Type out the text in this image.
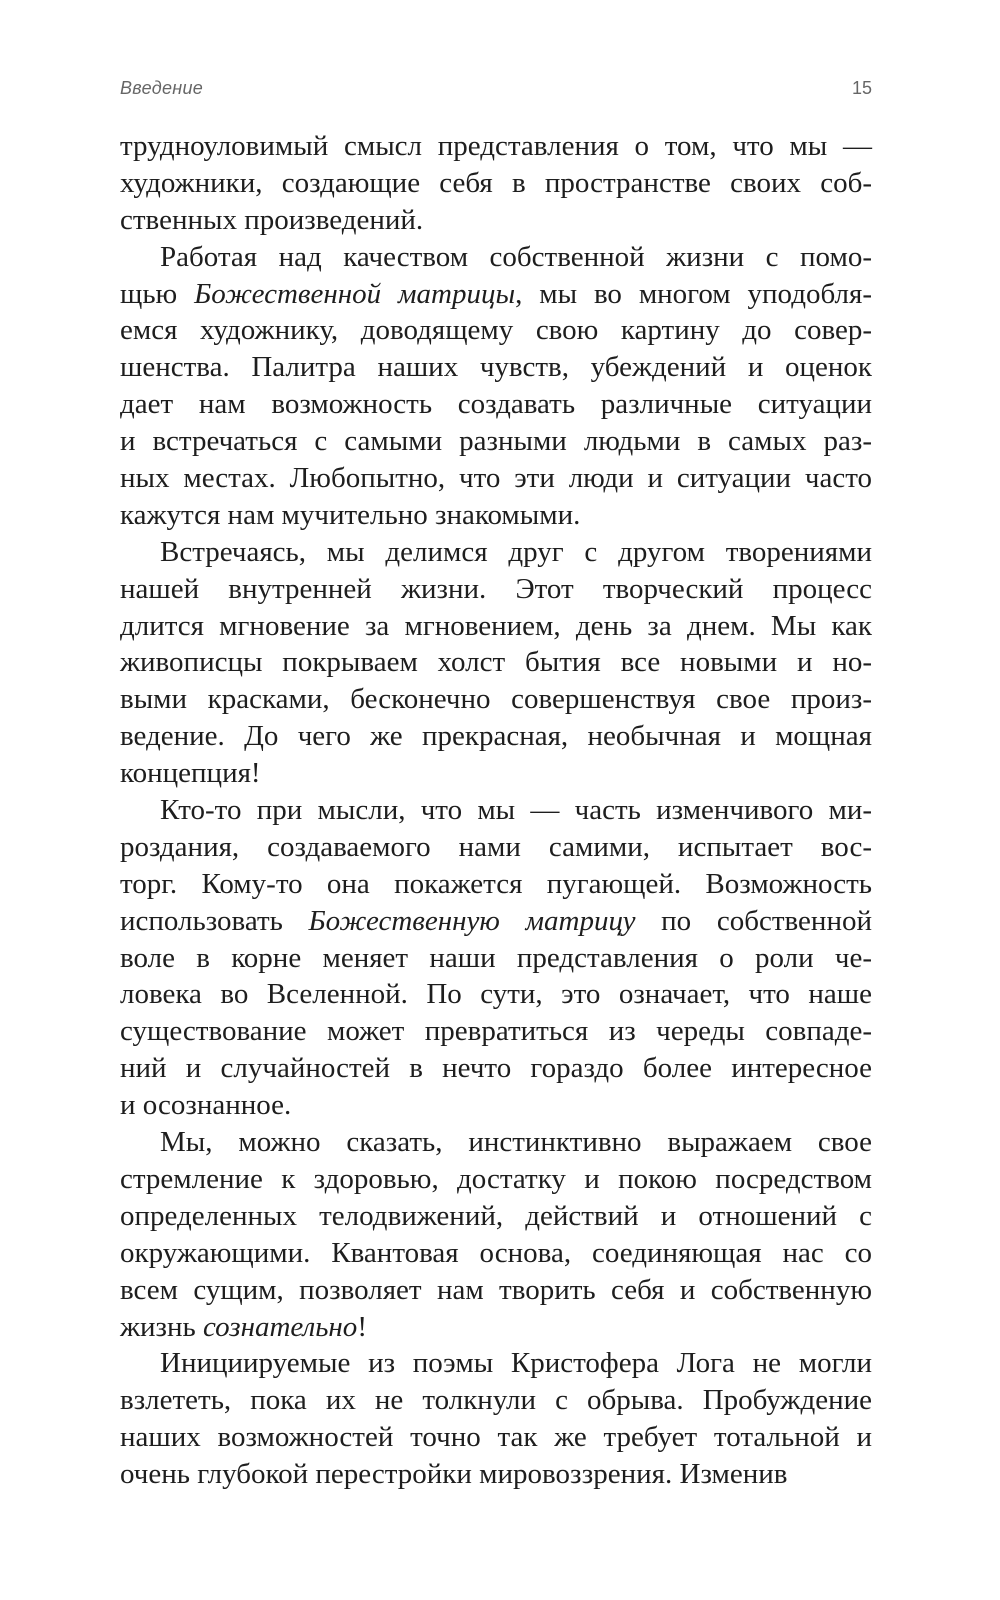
Введение	15
трудноуловимый смысл представления о том, что мы —
художники, создающие себя в пространстве своих соб-
ственных произведений.
Работая над качеством собственной жизни с помо-
щью Божественной матрицы, мы во многом уподобля-
емся художнику, доводящему свою картину до совер-
шенства. Палитра наших чувств, убеждений и оценок
дает нам возможность создавать различные ситуации
и встречаться с самыми разными людьми в самых раз-
ных местах. Любопытно, что эти люди и ситуации часто
кажутся нам мучительно знакомыми.
Встречаясь, мы делимся друг с другом творениями
нашей внутренней жизни. Этот творческий процесс
длится мгновение за мгновением, день за днем. Мы как
живописцы покрываем холст бытия все новыми и но-
выми красками, бесконечно совершенствуя свое произ-
ведение. До чего же прекрасная, необычная и мощная
концепция!
Кто-то при мысли, что мы — часть изменчивого ми-
роздания, создаваемого нами самими, испытает вос-
торг. Кому-то она покажется пугающей. Возможность
использовать Божественную матрицу по собственной
воле в корне меняет наши представления о роли че-
ловека во Вселенной. По сути, это означает, что наше
существование может превратиться из череды совпаде-
ний и случайностей в нечто гораздо более интересное
и осознанное.
Мы, можно сказать, инстинктивно выражаем свое
стремление к здоровью, достатку и покою посредством
определенных телодвижений, действий и отношений с
окружающими. Квантовая основа, соединяющая нас со
всем сущим, позволяет нам творить себя и собственную
жизнь сознательно!
Инициируемые из поэмы Кристофера Лога не могли
взлететь, пока их не толкнули с обрыва. Пробуждение
наших возможностей точно так же требует тотальной и
очень глубокой перестройки мировоззрения. Изменив
